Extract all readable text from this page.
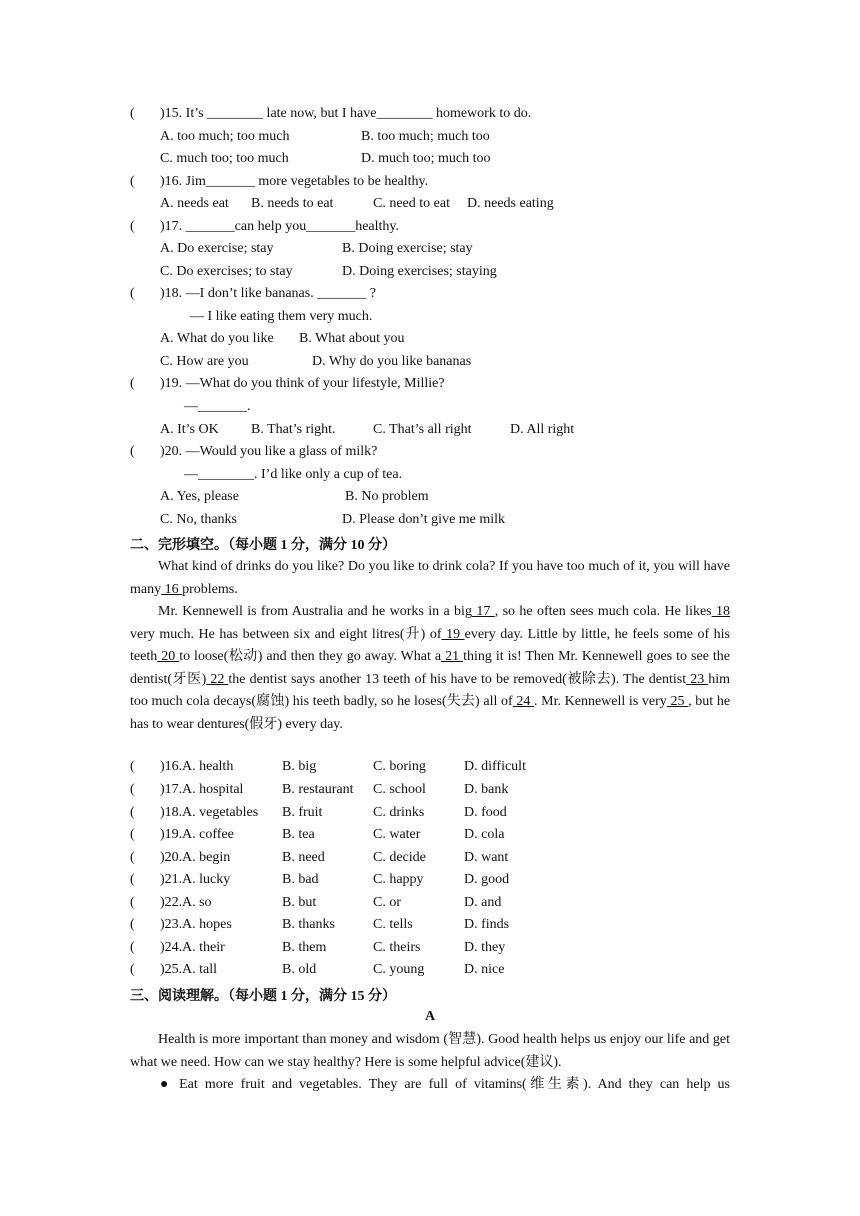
( )15. It’s ________ late now, but I have________ homework to do.
A. too much; too much	B. too much; much too
C. much too; too much	D. much too; much too
( )16. Jim_______ more vegetables to be healthy.
A. needs eat B. needs to eat	C. need to eat D. needs eating
( )17. _______can help you_______healthy.
A. Do exercise; stay	B. Doing exercise; stay
C. Do exercises; to stay	D. Doing exercises; staying
( )18. —I don’t like bananas. _______ ?
— I like eating them very much.
A. What do you like B. What about you
C. How are you	D. Why do you like bananas
( )19. —What do you think of your lifestyle, Millie?
—_______.
A. It’s OK B. That’s right.	C. That’s all right	D. All right
( )20. —Would you like a glass of milk?
—________. I’d like only a cup of tea.
A. Yes, please	B. No problem
C. No, thanks	D. Please don’t give me milk
二、完形填空。（每小题 1 分，满分 10 分）
What kind of drinks do you like? Do you like to drink cola? If you have too much of it, you will have many 16 problems.
Mr. Kennewell is from Australia and he works in a big 17 , so he often sees much cola. He likes 18 very much. He has between six and eight litres(升) of 19 every day. Little by little, he feels some of his teeth 20 to loose(松动) and then they go away. What a 21 thing it is! Then Mr. Kennewell goes to see the dentist(牙医) 22 the dentist says another 13 teeth of his have to be removed(被除去). The dentist 23 him too much cola decays(腐蚀) his teeth badly, so he loses(失去) all of 24 . Mr. Kennewell is very 25 , but he has to wear dentures(假牙) every day.
( )16. A. health	B. big	C. boring	D. difficult
( )17. A. hospital	B. restaurant C. school	D. bank
( )18. A. vegetables B. fruit	C. drinks	D. food
( )19. A. coffee	B. tea	C. water	D. cola
( )20. A. begin	B. need	C. decide	D. want
( )21. A. lucky	B. bad	C. happy	D. good
( )22. A. so	B. but	C. or	D. and
( )23. A. hopes	B. thanks	C. tells	D. finds
( )24. A. their	B. them	C. theirs	D. they
( )25. A. tall	B. old	C. young	D. nice
三、阅读理解。（每小题 1 分，满分 15 分）
A
Health is more important than money and wisdom (智慧). Good health helps us enjoy our life and get what we need. How can we stay healthy? Here is some helpful advice(建议).
● Eat more fruit and vegetables. They are full of vitamins(维生素). And they can help us
